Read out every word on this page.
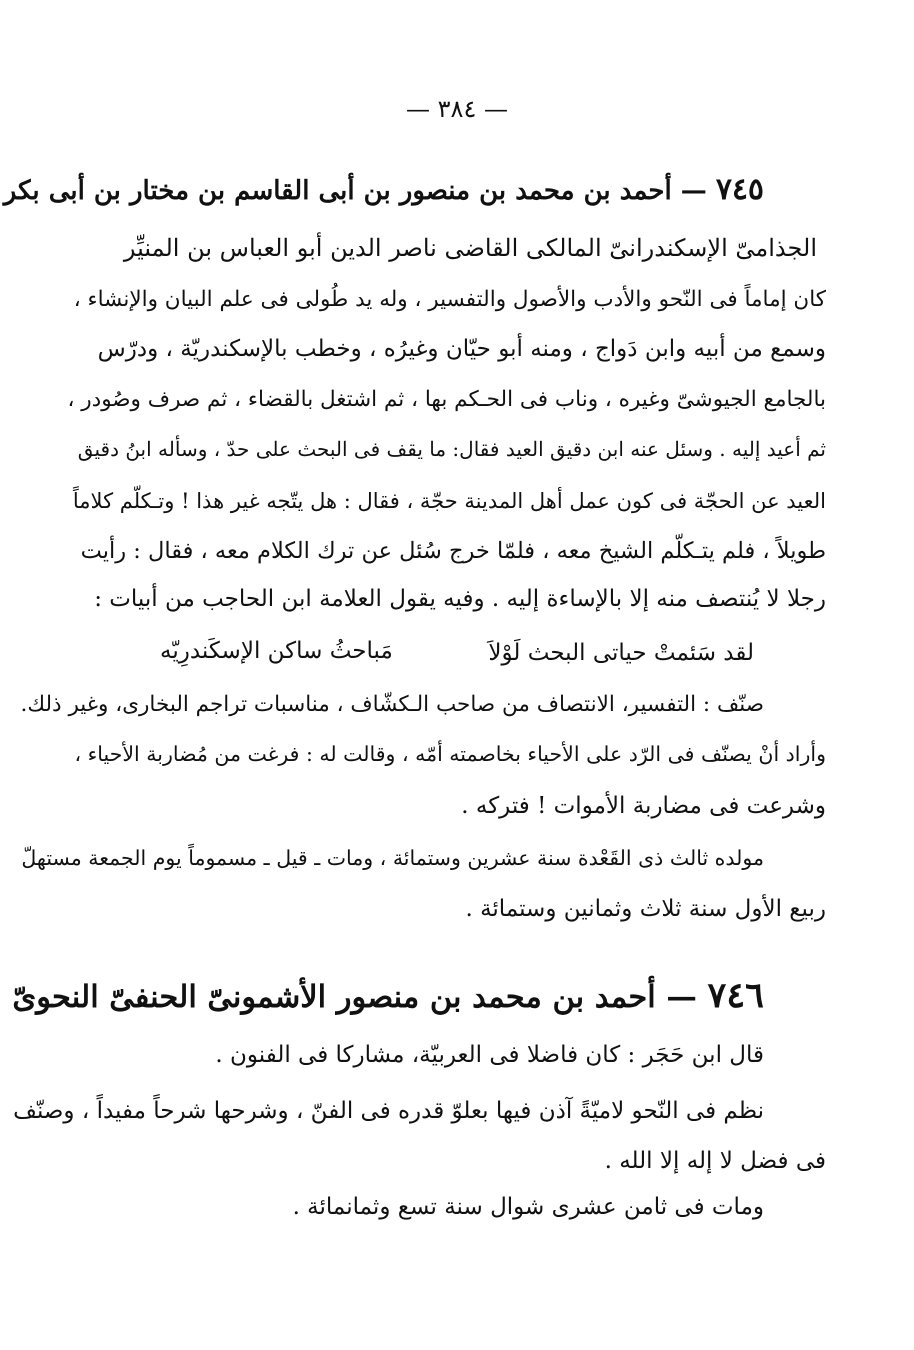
— ٣٨٤ —

٧٤٥ — أحمد بن محمد بن منصور بن أبى القاسم بن مختار بن أبى بكر
الجذامىّ الإسكندرانىّ المالكى القاضى ناصر الدين أبو العباس بن المنيِّر

كان إماماً فى النّحو والأدب والأصول والتفسير ، وله يد طُولى فى علم البيان والإنشاء ،

وسمع من أبيه وابن دَواج ، ومنه أبو حيّان وغيرُه ، وخطب بالإسكندريّة ، ودرّس

بالجامع الجيوشىّ وغيره ، وناب فى الحـكم بها ، ثم اشتغل بالقضاء ، ثم صرف وصُودر ،

ثم أعيد إليه . وسئل عنه ابن دقيق العيد فقال: ما يقف فى البحث على حدّ ، وسأله ابنُ دقيق

العيد عن الحجّة فى كون عمل أهل المدينة حجّة ، فقال : هل يتّجه غير هذا ! وتـكلّم كلاماً

طويلاً ، فلم يتـكلّم الشيخ معه ، فلمّا خرج سُئل عن ترك الكلام معه ، فقال : رأيت

رجلا لا يُنتصف منه إلا بالإساءة إليه . وفيه يقول العلامة ابن الحاجب من أبيات :

لقد سَئمتْ حياتى البحث لَوْلاَ
مَباحثُ ساكن الإسكَندرِيّه

صنّف : التفسير، الانتصاف من صاحب الـكشّاف ، مناسبات تراجم البخارى، وغير ذلك.

وأراد أنْ يصنّف فى الرّد على الأحياء بخاصمته أمّه ، وقالت له : فرغت من مُضاربة الأحياء ،

وشرعت فى مضاربة الأموات ! فتركه .

مولده ثالث ذى القَعْدة سنة عشرين وستمائة ، ومات ـ قيل ـ مسموماً يوم الجمعة مستهلّ

ربيع الأول سنة ثلاث وثمانين وستمائة .

٧٤٦ — أحمد بن محمد بن منصور الأشمونىّ الحنفىّ النحوىّ

قال ابن حَجَر : كان فاضلا فى العربيّة، مشاركا فى الفنون .

نظم فى النّحو لاميّةً آذن فيها بعلوّ قدره فى الفنّ ، وشرحها شرحاً مفيداً ، وصنّف

فى فضل لا إله إلا الله .

ومات فى ثامن عشرى شوال سنة تسع وثمانمائة .
